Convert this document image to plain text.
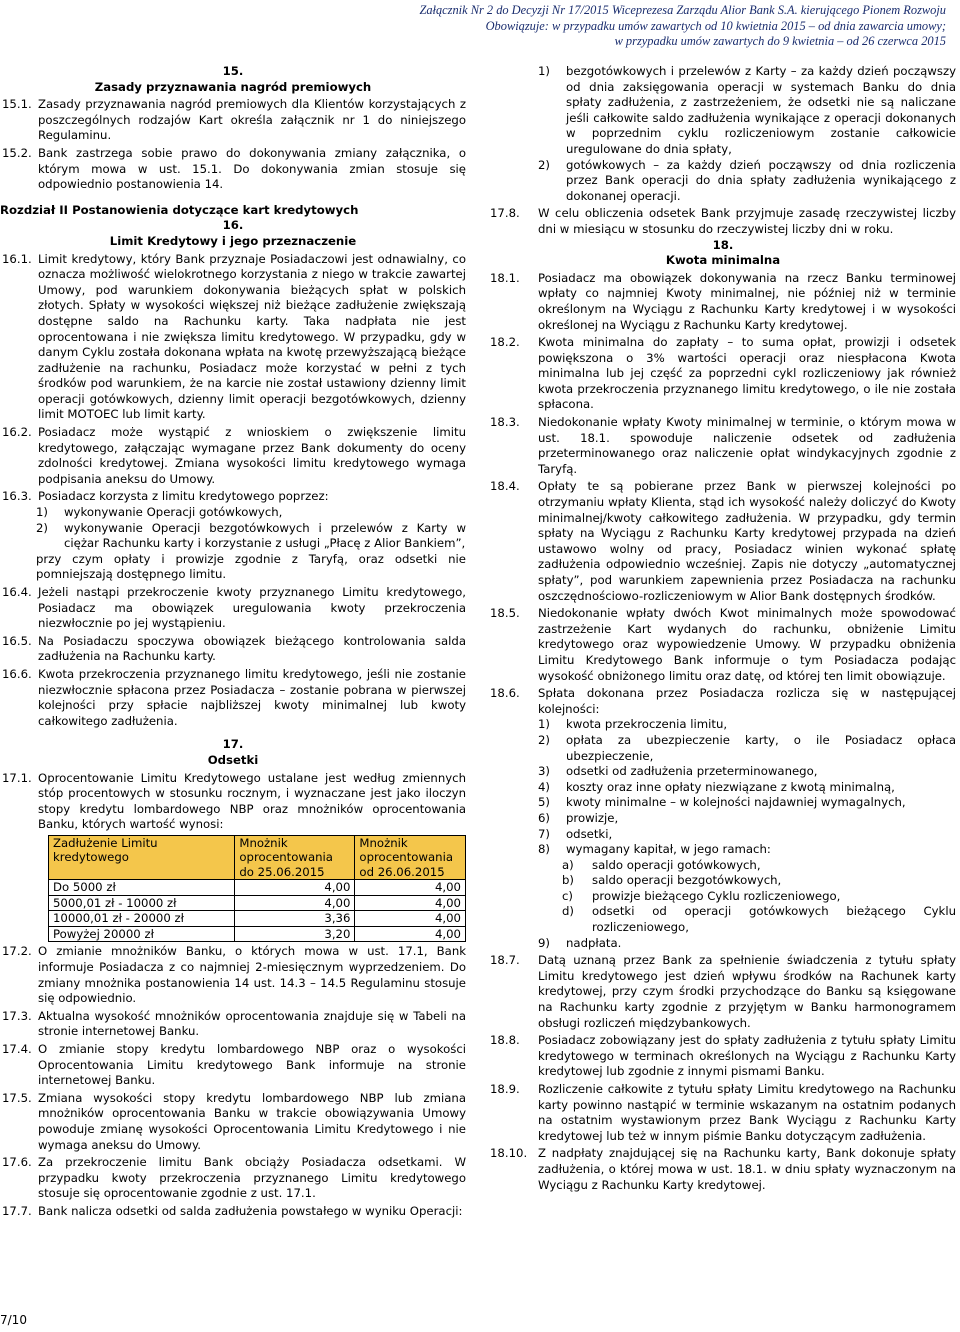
Załącznik Nr 2 do Decyzji Nr 17/2015 Wiceprezesa Zarządu Alior Bank S.A. kierującego Pionem Rozwoju
Obowiązuje: w przypadku umów zawartych od 10 kwietnia 2015 – od dnia zawarcia umowy;
w przypadku umów zawartych do 9 kwietnia – od 26 czerwca 2015
15.
Zasady przyznawania nagród premiowych
15.1. Zasady przyznawania nagród premiowych dla Klientów korzystających z poszczególnych rodzajów Kart określa załącznik nr 1 do niniejszego Regulaminu.
15.2. Bank zastrzega sobie prawo do dokonywania zmiany załącznika, o którym mowa w ust. 15.1. Do dokonywania zmian stosuje się odpowiednio postanowienia 14.
Rozdział II Postanowienia dotyczące kart kredytowych
16.
Limit Kredytowy i jego przeznaczenie
16.1. Limit kredytowy, który Bank przyznaje Posiadaczowi jest odnawialny, co oznacza możliwość wielokrotnego korzystania z niego w trakcie zawartej Umowy, pod warunkiem dokonywania bieżących spłat w polskich złotych. Spłaty w wysokości większej niż bieżące zadłużenie zwiększają dostępne saldo na Rachunku karty. Taka nadpłata nie jest oprocentowana i nie zwiększa limitu kredytowego. W przypadku, gdy w danym Cyklu została dokonana wpłata na kwotę przewyższającą bieżące zadłużenie na rachunku, Posiadacz może korzystać w pełni z tych środków pod warunkiem, że na karcie nie został ustawiony dzienny limit operacji gotówkowych, dzienny limit operacji bezgotówkowych, dzienny limit MOTOEC lub limit karty.
16.2. Posiadacz może wystąpić z wnioskiem o zwiększenie limitu kredytowego, załączając wymagane przez Bank dokumenty do oceny zdolności kredytowej. Zmiana wysokości limitu kredytowego wymaga podpisania aneksu do Umowy.
16.3. Posiadacz korzysta z limitu kredytowego poprzez:
1)	wykonywanie Operacji gotówkowych,
2)	wykonywanie Operacji bezgotówkowych i przelewów z Karty w ciężar Rachunku karty i korzystanie z usługi „Płacę z Alior Bankiem”,
przy czym opłaty i prowizje zgodnie z Taryfą, oraz odsetki nie pomniejszają dostępnego limitu.
16.4. Jeżeli nastąpi przekroczenie kwoty przyznanego Limitu kredytowego, Posiadacz ma obowiązek uregulowania kwoty przekroczenia niezwłocznie po jej wystąpieniu.
16.5. Na Posiadaczu spoczywa obowiązek bieżącego kontrolowania salda zadłużenia na Rachunku karty.
16.6. Kwota przekroczenia przyznanego limitu kredytowego, jeśli nie zostanie niezwłocznie spłacona przez Posiadacza – zostanie pobrana w pierwszej kolejności przy spłacie najbliższej kwoty minimalnej lub kwoty całkowitego zadłużenia.
17.
Odsetki
17.1. Oprocentowanie Limitu Kredytowego ustalane jest według zmiennych stóp procentowych w stosunku rocznym, i wyznaczane jest jako iloczyn stopy kredytu lombardowego NBP oraz mnożników oprocentowania Banku, których wartość wynosi:
Zadłużenie Limitu kredytowego	Mnożnik oprocentowania do 25.06.2015	Mnożnik oprocentowania od 26.06.2015
Do 5000 zł	4,00	4,00
5000,01 zł - 10000 zł	4,00	4,00
10000,01 zł - 20000 zł	3,36	4,00
Powyżej 20000 zł	3,20	4,00
17.2. O zmianie mnożników Banku, o których mowa w ust. 17.1, Bank informuje Posiadacza z co najmniej 2-miesięcznym wyprzedzeniem. Do zmiany mnożnika postanowienia 14 ust. 14.3 – 14.5 Regulaminu stosuje się odpowiednio.
17.3. Aktualna wysokość mnożników oprocentowania znajduje się w Tabeli na stronie internetowej Banku.
17.4. O zmianie stopy kredytu lombardowego NBP oraz o wysokości Oprocentowania Limitu kredytowego Bank informuje na stronie internetowej Banku.
17.5. Zmiana wysokości stopy kredytu lombardowego NBP lub zmiana mnożników oprocentowania Banku w trakcie obowiązywania Umowy powoduje zmianę wysokości Oprocentowania Limitu Kredytowego i nie wymaga aneksu do Umowy.
17.6. Za przekroczenie limitu Bank obciąży Posiadacza odsetkami. W przypadku kwoty przekroczenia przyznanego Limitu kredytowego stosuje się oprocentowanie zgodnie z ust. 17.1.
17.7. Bank nalicza odsetki od salda zadłużenia powstałego w wyniku Operacji:
1)	bezgotówkowych i przelewów z Karty – za każdy dzień począwszy od dnia zaksięgowania operacji w systemach Banku do dnia spłaty zadłużenia, z zastrzeżeniem, że odsetki nie są naliczane jeśli całkowite saldo zadłużenia wynikające z operacji dokonanych w poprzednim cyklu rozliczeniowym zostanie całkowicie uregulowane do dnia spłaty,
2)	gotówkowych – za każdy dzień począwszy od dnia rozliczenia przez Bank operacji do dnia spłaty zadłużenia wynikającego z dokonanej operacji.
17.8.	W celu obliczenia odsetek Bank przyjmuje zasadę rzeczywistej liczby dni w miesiącu w stosunku do rzeczywistej liczby dni w roku.
18.
Kwota minimalna
18.1.	Posiadacz ma obowiązek dokonywania na rzecz Banku terminowej wpłaty co najmniej Kwoty minimalnej, nie później niż w terminie określonym na Wyciągu z Rachunku Karty kredytowej i w wysokości określonej na Wyciągu z Rachunku Karty kredytowej.
18.2.	Kwota minimalna do zapłaty – to suma opłat, prowizji i odsetek powiększona o 3% wartości operacji oraz niespłacona Kwota minimalna lub jej część za poprzedni cykl rozliczeniowy jak również kwota przekroczenia przyznanego limitu kredytowego, o ile nie została spłacona.
18.3.	Niedokonanie wpłaty Kwoty minimalnej w terminie, o którym mowa w ust. 18.1. spowoduje naliczenie odsetek od zadłużenia przeterminowanego oraz naliczenie opłat windykacyjnych zgodnie z Taryfą.
18.4.	Opłaty te są pobierane przez Bank w pierwszej kolejności po otrzymaniu wpłaty Klienta, stąd ich wysokość należy doliczyć do Kwoty minimalnej/kwoty całkowitego zadłużenia. W przypadku, gdy termin spłaty na Wyciągu z Rachunku Karty kredytowej przypada na dzień ustawowo wolny od pracy, Posiadacz winien wykonać spłatę zadłużenia odpowiednio wcześniej. Zapis nie dotyczy „automatycznej spłaty”, pod warunkiem zapewnienia przez Posiadacza na rachunku oszczędnościowo-rozliczeniowym w Alior Bank dostępnych środków.
18.5.	Niedokonanie wpłaty dwóch Kwot minimalnych może spowodować zastrzeżenie Kart wydanych do rachunku, obniżenie Limitu kredytowego oraz wypowiedzenie Umowy. W przypadku obniżenia Limitu Kredytowego Bank informuje o tym Posiadacza podając wysokość obniżonego limitu oraz datę, od której ten limit obowiązuje.
18.6.	Spłata dokonana przez Posiadacza rozlicza się w następującej kolejności:
1)	kwota przekroczenia limitu,
2)	opłata za ubezpieczenie karty, o ile Posiadacz opłaca ubezpieczenie,
3)	odsetki od zadłużenia przeterminowanego,
4)	koszty oraz inne opłaty niezwiązane z kwotą minimalną,
5)	kwoty minimalne – w kolejności najdawniej wymagalnych,
6)	prowizje,
7)	odsetki,
8)	wymagany kapitał, w jego ramach:
a)	saldo operacji gotówkowych,
b)	saldo operacji bezgotówkowych,
c)	prowizje bieżącego Cyklu rozliczeniowego,
d)	odsetki od operacji gotówkowych bieżącego Cyklu rozliczeniowego,
9)	nadpłata.
18.7.	Datą uznaną przez Bank za spełnienie świadczenia z tytułu spłaty Limitu kredytowego jest dzień wpływu środków na Rachunek karty kredytowej, przy czym środki przychodzące do Banku są księgowane na Rachunku karty zgodnie z przyjętym w Banku harmonogramem obsługi rozliczeń międzybankowych.
18.8.	Posiadacz zobowiązany jest do spłaty zadłużenia z tytułu spłaty Limitu kredytowego w terminach określonych na Wyciągu z Rachunku Karty kredytowej lub zgodnie z innymi pismami Banku.
18.9.	Rozliczenie całkowite z tytułu spłaty Limitu kredytowego na Rachunku karty powinno nastąpić w terminie wskazanym na ostatnim podanych na ostatnim wystawionym przez Bank Wyciągu z Rachunku Karty kredytowej lub też w innym piśmie Banku dotyczącym zadłużenia.
18.10. Z nadpłaty znajdującej się na Rachunku karty, Bank dokonuje spłaty zadłużenia, o której mowa w ust. 18.1. w dniu spłaty wyznaczonym na Wyciągu z Rachunku Karty kredytowej.
7/10
